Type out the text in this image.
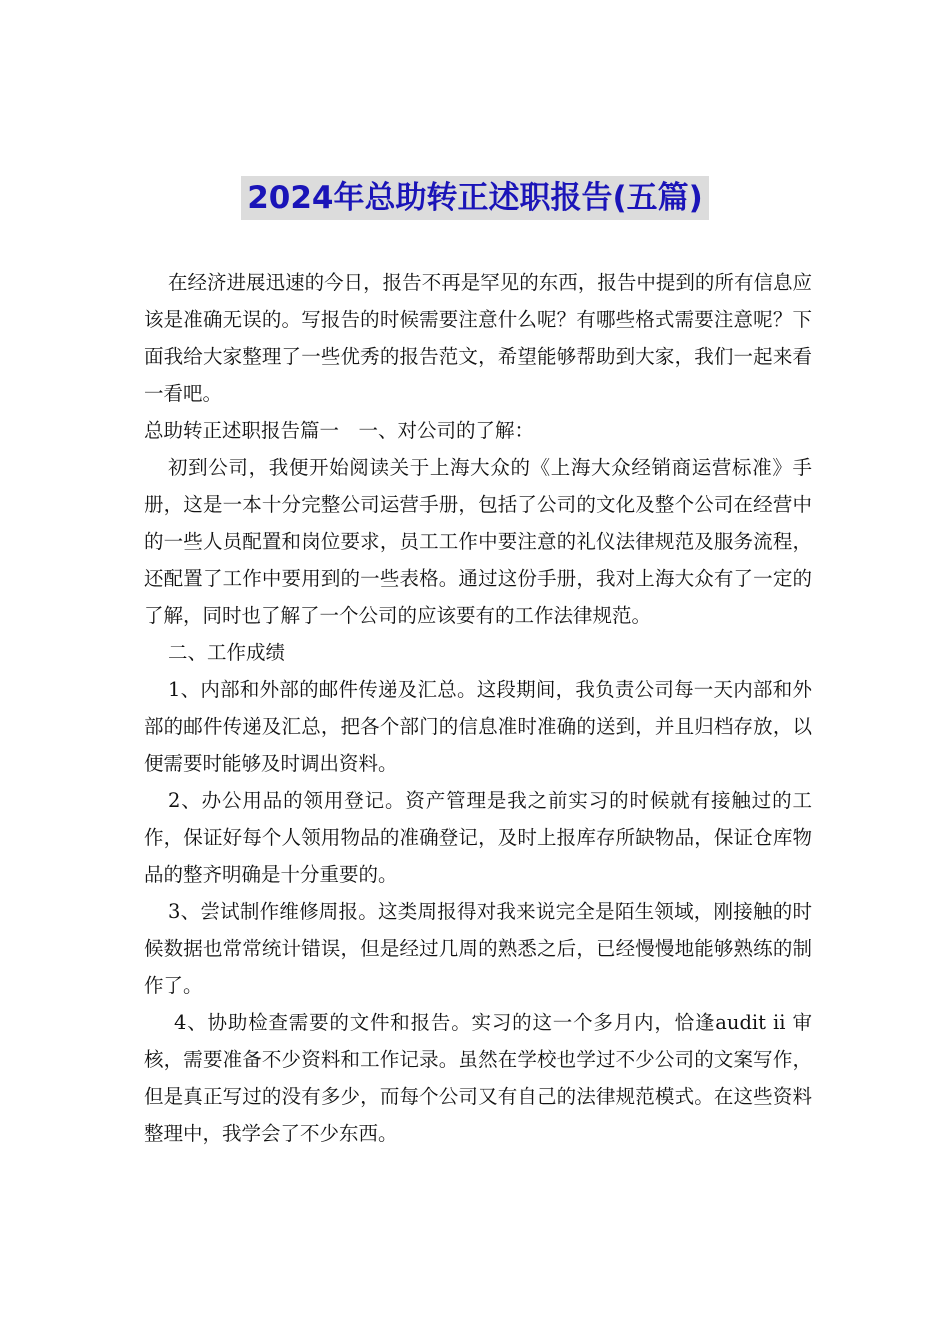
2024年总助转正述职报告(五篇)

在经济进展迅速的今日，报告不再是罕见的东西，报告中提到的所有信息应该是准确无误的。写报告的时候需要注意什么呢？有哪些格式需要注意呢？下面我给大家整理了一些优秀的报告范文，希望能够帮助到大家，我们一起来看一看吧。

总助转正述职报告篇一　一、对公司的了解：

初到公司，我便开始阅读关于上海大众的《上海大众经销商运营标准》手册，这是一本十分完整公司运营手册，包括了公司的文化及整个公司在经营中的一些人员配置和岗位要求，员工工作中要注意的礼仪法律规范及服务流程，还配置了工作中要用到的一些表格。通过这份手册，我对上海大众有了一定的了解，同时也了解了一个公司的应该要有的工作法律规范。

二、工作成绩

1、内部和外部的邮件传递及汇总。这段期间，我负责公司每一天内部和外部的邮件传递及汇总，把各个部门的信息准时准确的送到，并且归档存放，以便需要时能够及时调出资料。

2、办公用品的领用登记。资产管理是我之前实习的时候就有接触过的工作，保证好每个人领用物品的准确登记，及时上报库存所缺物品，保证仓库物品的整齐明确是十分重要的。

3、尝试制作维修周报。这类周报得对我来说完全是陌生领域，刚接触的时候数据也常常统计错误，但是经过几周的熟悉之后，已经慢慢地能够熟练的制作了。

4、协助检查需要的文件和报告。实习的这一个多月内，恰逢audit ii 审核，需要准备不少资料和工作记录。虽然在学校也学过不少公司的文案写作，但是真正写过的没有多少，而每个公司又有自己的法律规范模式。在这些资料整理中，我学会了不少东西。
